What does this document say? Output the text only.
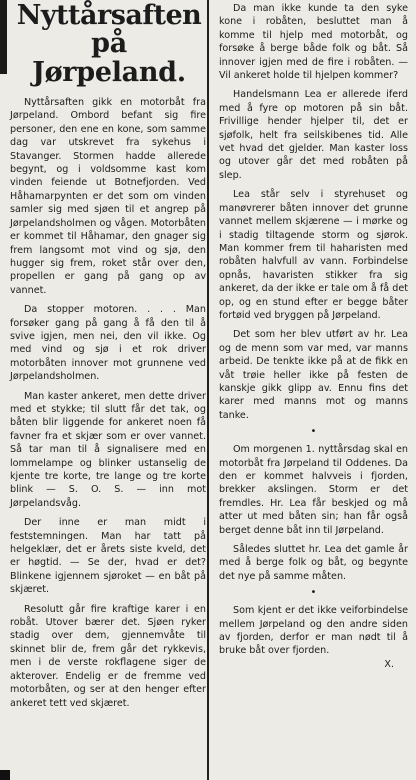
Nyttårsaften
på Jørpeland.

Nyttårsaften gikk en motorbåt fra Jørpeland. Ombord befant sig fire personer, den ene en kone, som samme dag var utskrevet fra sykehus i Stavanger. Stormen hadde allerede begynt, og i voldsomme kast kom vinden feiende ut Botnefjorden. Ved Håhamarpynten er det som om vinden samler sig med sjøen til et angrep på Jørpelandsholmen og vågen. Motorbåten er kommet til Håhamar, den gnager sig frem langsomt mot vind og sjø, den hugger sig frem, roket står over den, propellen er gang på gang op av vannet.

Da stopper motoren. . . . Man forsøker gang på gang å få den til å svive igjen, men nei, den vil ikke. Og med vind og sjø i et rok driver motorbåten innover mot grunnene ved Jørpelandsholmen.

Man kaster ankeret, men dette driver med et stykke; til slutt får det tak, og båten blir liggende for ankeret noen få favner fra et skjær som er over vannet. Så tar man til å signalisere med en lommelampe og blinker ustanselig de kjente tre korte, tre lange og tre korte blink — S. O. S. — inn mot Jørpelandsvåg.

Der inne er man midt i feststemningen. Man har tatt på helgeklær, det er årets siste kveld, det er høgtid. — Se der, hvad er det? Blinkene igjennem sjøroket — en båt på skjæret.

Resolutt går fire kraftige karer i en robåt. Utover bærer det. Sjøen ryker stadig over dem, gjennemvåte til skinnet blir de, frem går det rykkevis, men i de verste rokflagene siger de akterover. Endelig er de fremme ved motorbåten, og ser at den henger efter ankeret tett ved skjæret.

Da man ikke kunde ta den syke kone i robåten, besluttet man å komme til hjelp med motorbåt, og forsøke å berge både folk og båt. Så innover igjen med de fire i robåten. — Vil ankeret holde til hjelpen kommer?

Handelsmann Lea er allerede iferd med å fyre op motoren på sin båt. Frivillige hender hjelper til, det er sjøfolk, helt fra seilskibenes tid. Alle vet hvad det gjelder. Man kaster loss og utover går det med robåten på slep.

Lea står selv i styrehuset og manøvrerer båten innover det grunne vannet mellem skjærene — i mørke og i stadig tiltagende storm og sjørok. Man kommer frem til haharisten med robåten halvfull av vann. Forbindelse opnås, havaristen stikker fra sig ankeret, da der ikke er tale om å få det op, og en stund efter er begge båter fortøid ved bryggen på Jørpeland.

Det som her blev utført av hr. Lea og de menn som var med, var manns arbeid. De tenkte ikke på at de fikk en våt trøie heller ikke på festen de kanskje gikk glipp av. Ennu fins det karer med manns mot og manns tanke.

•

Om morgenen 1. nyttårsdag skal en motorbåt fra Jørpeland til Oddenes. Da den er kommet halvveis i fjorden, brekker akslingen. Storm er det fremdles. Hr. Lea får beskjed og må atter ut med båten sin; han får også berget denne båt inn til Jørpeland.

Således sluttet hr. Lea det gamle år med å berge folk og båt, og begynte det nye på samme måten.

•

Som kjent er det ikke veiforbindelse mellem Jørpeland og den andre siden av fjorden, derfor er man nødt til å bruke båt over fjorden.

X.
